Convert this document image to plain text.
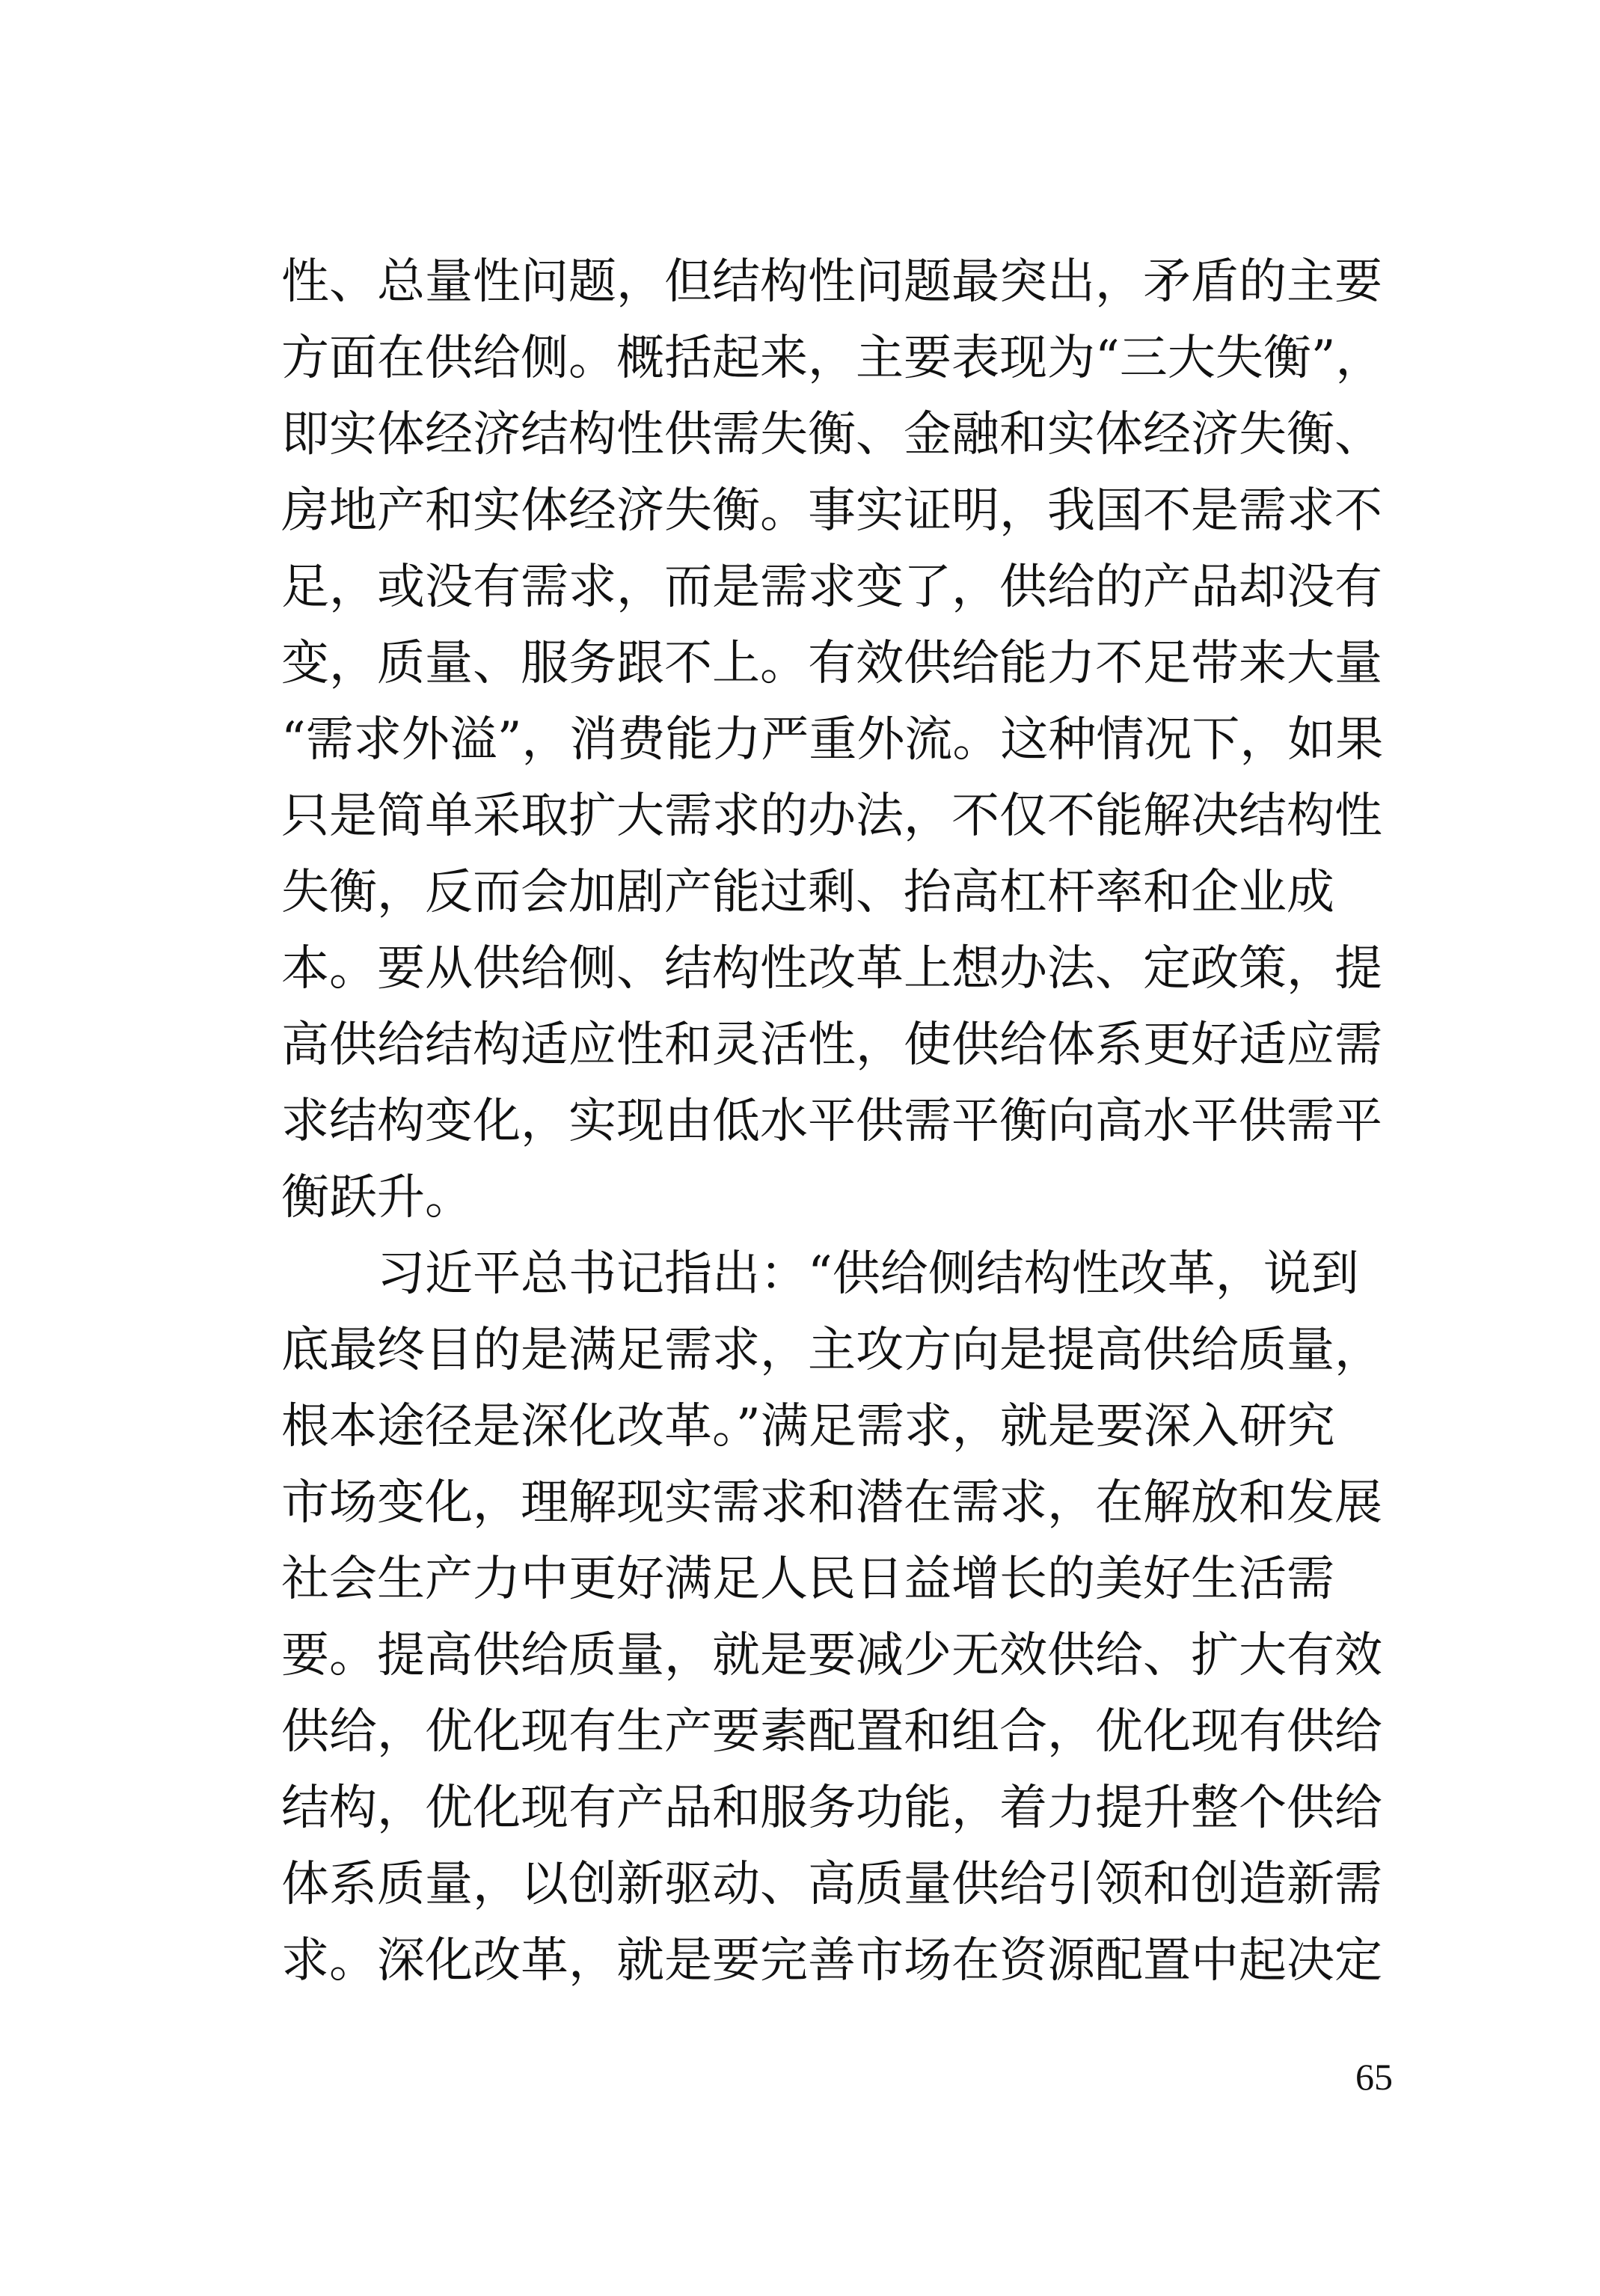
性、总量性问题，但结构性问题最突出，矛盾的主要
方面在供给侧。概括起来，主要表现为“三大失衡”，
即实体经济结构性供需失衡、金融和实体经济失衡、
房地产和实体经济失衡。事实证明，我国不是需求不
足，或没有需求，而是需求变了，供给的产品却没有
变，质量、服务跟不上。有效供给能力不足带来大量
“需求外溢”，消费能力严重外流。这种情况下，如果
只是简单采取扩大需求的办法，不仅不能解决结构性
失衡，反而会加剧产能过剩、抬高杠杆率和企业成
本。要从供给侧、结构性改革上想办法、定政策，提
高供给结构适应性和灵活性，使供给体系更好适应需
求结构变化，实现由低水平供需平衡向高水平供需平
衡跃升。
　　习近平总书记指出：“供给侧结构性改革，说到
底最终目的是满足需求，主攻方向是提高供给质量，
根本途径是深化改革。”满足需求，就是要深入研究
市场变化，理解现实需求和潜在需求，在解放和发展
社会生产力中更好满足人民日益增长的美好生活需
要。提高供给质量，就是要减少无效供给、扩大有效
供给，优化现有生产要素配置和组合，优化现有供给
结构，优化现有产品和服务功能，着力提升整个供给
体系质量，以创新驱动、高质量供给引领和创造新需
求。深化改革，就是要完善市场在资源配置中起决定
65
